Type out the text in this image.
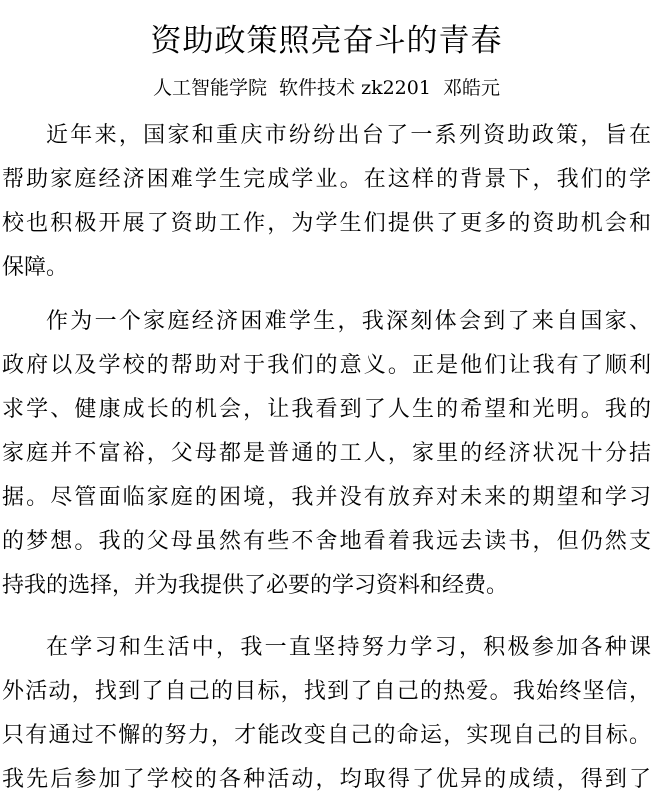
资助政策照亮奋斗的青春
人工智能学院 软件技术 zk2201 邓皓元
近年来，国家和重庆市纷纷出台了一系列资助政策，旨在
帮助家庭经济困难学生完成学业。在这样的背景下，我们的学
校也积极开展了资助工作，为学生们提供了更多的资助机会和
保障。
作为一个家庭经济困难学生，我深刻体会到了来自国家、
政府以及学校的帮助对于我们的意义。正是他们让我有了顺利
求学、健康成长的机会，让我看到了人生的希望和光明。我的
家庭并不富裕，父母都是普通的工人，家里的经济状况十分拮
据。尽管面临家庭的困境，我并没有放弃对未来的期望和学习
的梦想。我的父母虽然有些不舍地看着我远去读书，但仍然支
持我的选择，并为我提供了必要的学习资料和经费。
在学习和生活中，我一直坚持努力学习，积极参加各种课
外活动，找到了自己的目标，找到了自己的热爱。我始终坚信，
只有通过不懈的努力，才能改变自己的命运，实现自己的目标。
我先后参加了学校的各种活动，均取得了优异的成绩，得到了
